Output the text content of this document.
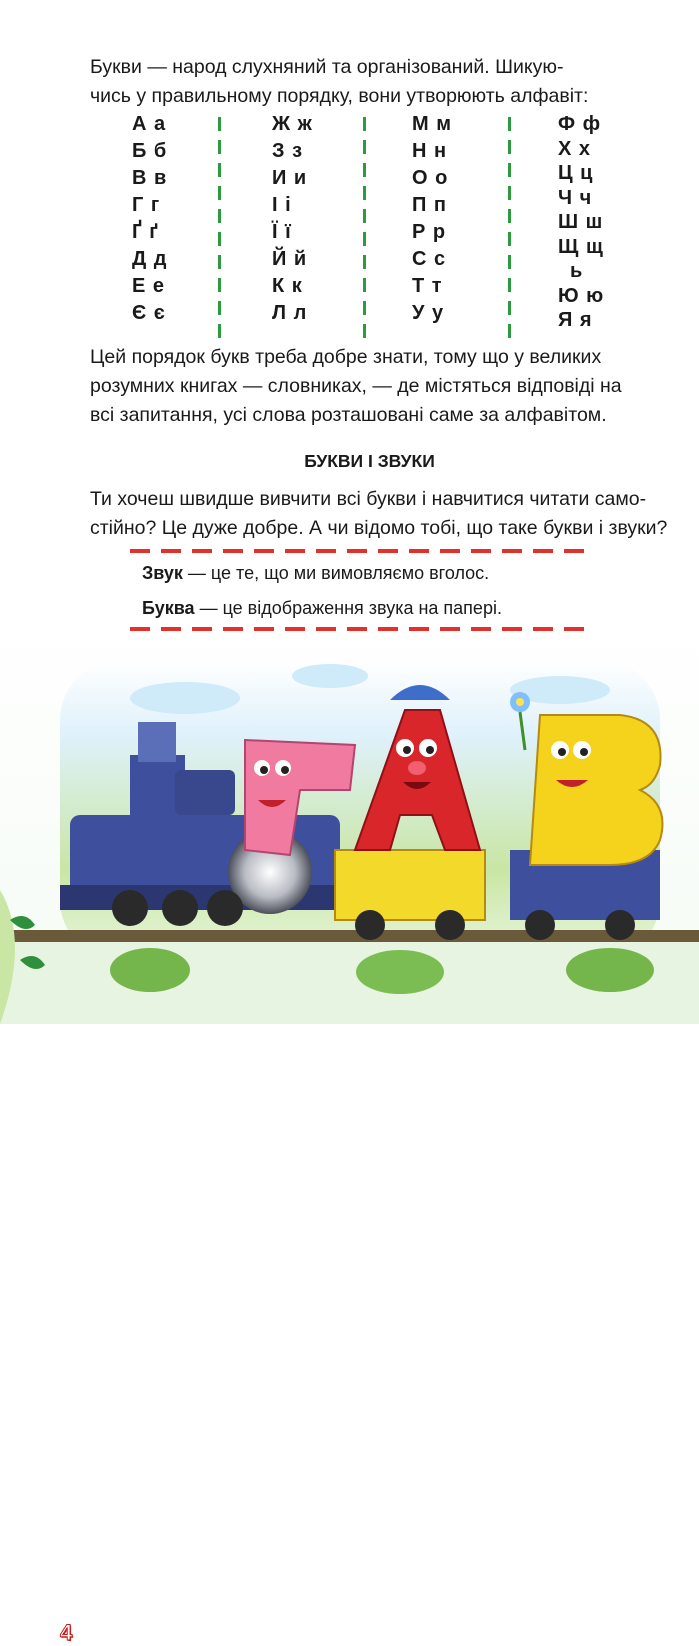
Букви — народ слухняний та організований. Шикую-
чись у правильному порядку, вони утворюють алфавіт:

А а
Б б
В в
Г г
Ґ ґ
Д д
Е е
Є є
Ж ж
З з
И и
І і
Ї ї
Й й
К к
Л л
М м
Н н
О о
П п
Р р
С с
Т т
У у
Ф ф
Х х
Ц ц
Ч ч
Ш ш
Щ щ
ь
Ю ю
Я я

Цей порядок букв треба добре знати, тому що у великих
розумних книгах — словниках, — де містяться відповіді на
всі запитання, усі слова розташовані саме за алфавітом.

БУКВИ І ЗВУКИ

Ти хочеш швидше вивчити всі букви і навчитися читати само-
стійно? Це дуже добре. А чи відомо тобі, що таке букви і звуки?

Звук — це те, що ми вимовляємо вголос.
Буква — це відображення звука на папері.
4
